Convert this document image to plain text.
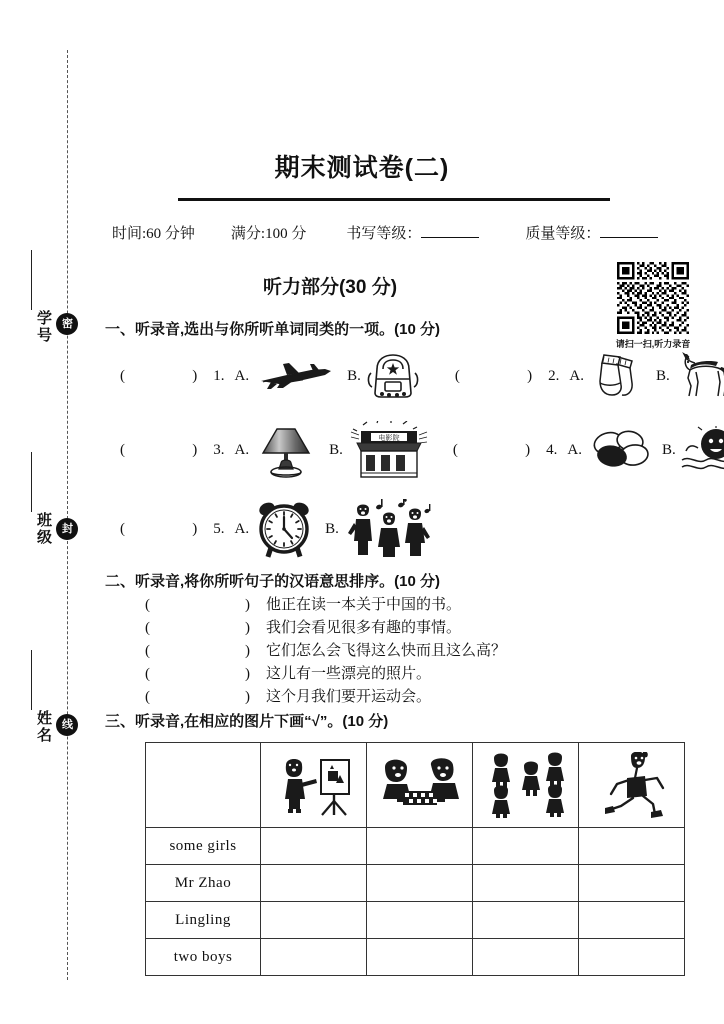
密
封
线
学号
班级
姓名
期末测试卷(二)
时间:60 分钟 满分:100 分	书写等级：	质量等级：
听力部分(30 分)
请扫一扫,听力录音
一、听录音,选出与你所听单词同类的一项。(10 分)
(   ) 1. A.	B.	(   ) 2. A.	B.
(   ) 3. A.	B.
电影院
(   ) 4. A.	B.
(   ) 5. A.	B.
二、听录音,将你所听句子的汉语意思排序。(10 分)
(    )他正在读一本关于中国的书。
(    )我们会看见很多有趣的事情。
(    )它们怎么会飞得这么快而且这么高？
(    )这儿有一些漂亮的照片。
(    )这个月我们要开运动会。
三、听录音,在相应的图片下画“√”。(10 分)

some girls				
Mr Zhao				
Lingling				
two boys				
